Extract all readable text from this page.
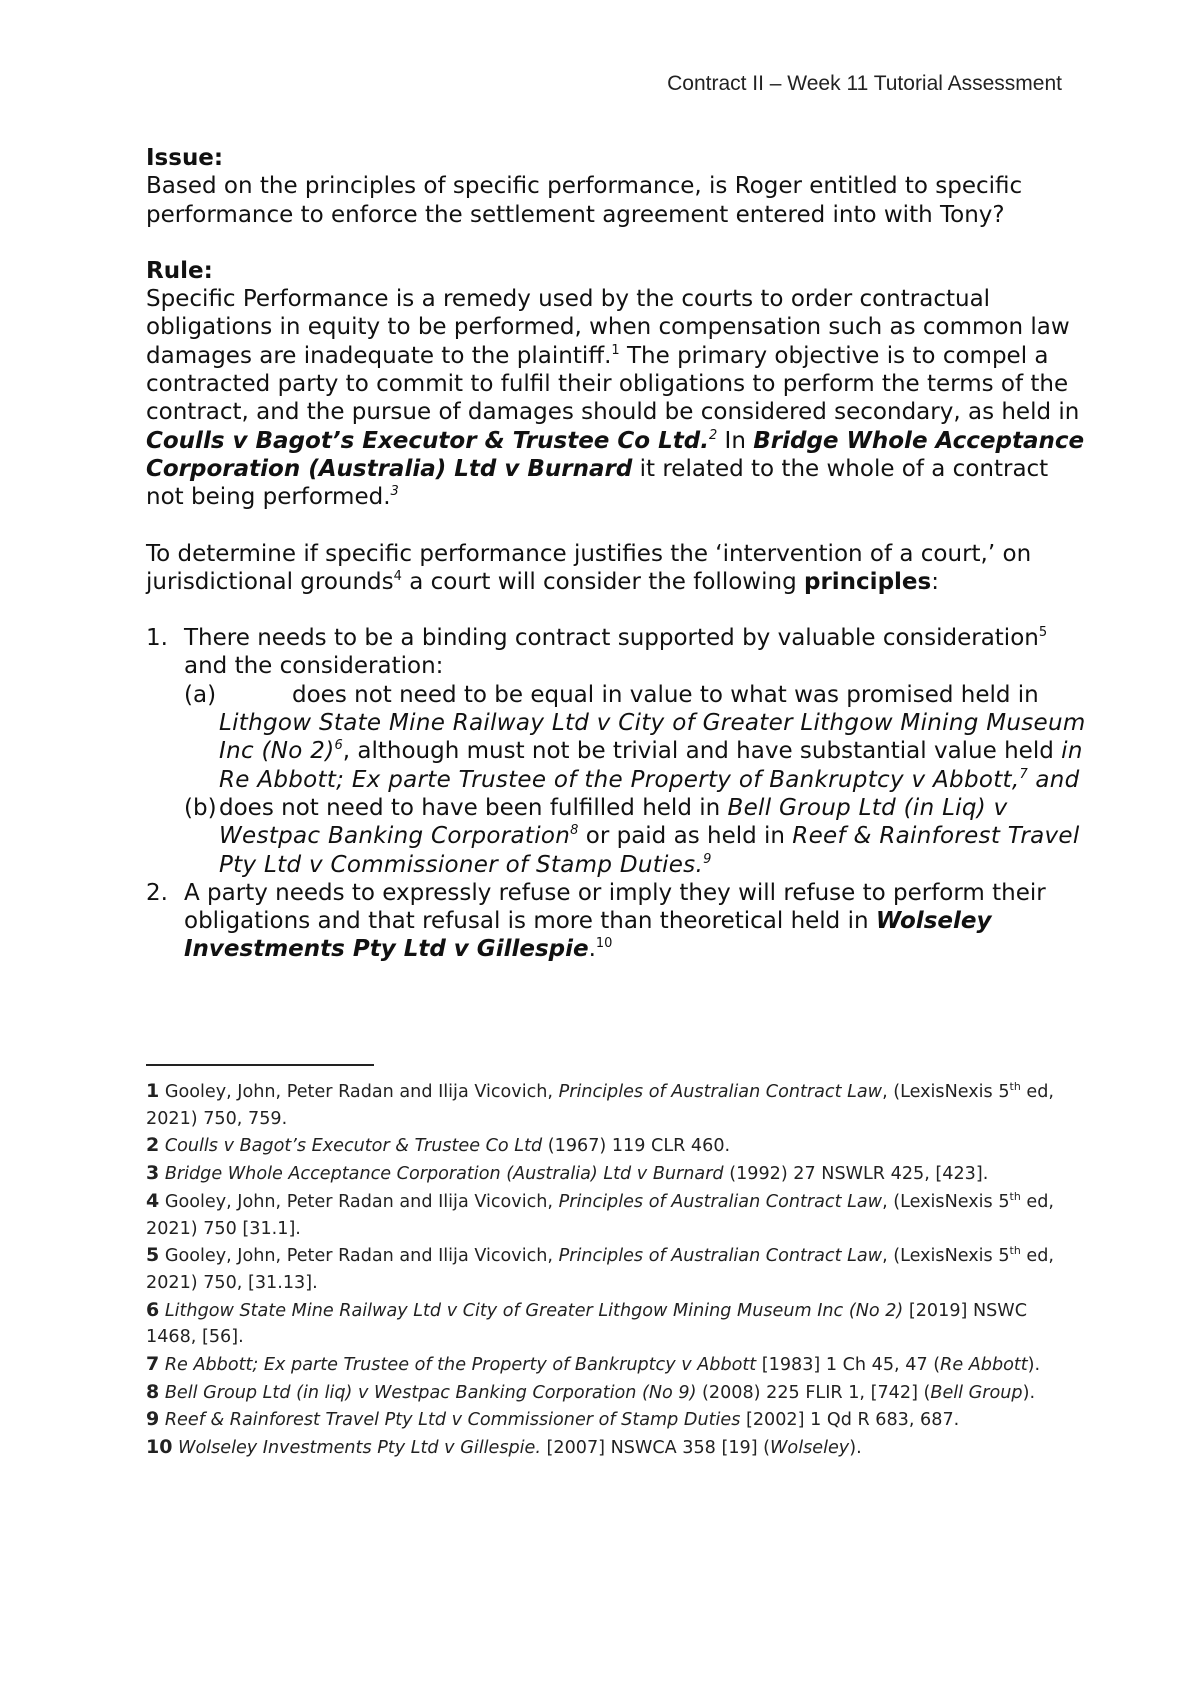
Contract II – Week 11 Tutorial Assessment

Issue:

Based on the principles of specific performance, is Roger entitled to specific performance to enforce the settlement agreement entered into with Tony?

Rule:

Specific Performance is a remedy used by the courts to order contractual obligations in equity to be performed, when compensation such as common law damages are inadequate to the plaintiff.$^1$ The primary objective is to compel a contracted party to commit to fulfil their obligations to perform the terms of the contract, and the pursue of damages should be considered secondary, as held in Coulls v Bagot’s Executor & Trustee Co Ltd.$^2$ In Bridge Whole Acceptance Corporation (Australia) Ltd v Burnard it related to the whole of a contract not being performed.$^3$

To determine if specific performance justifies the ‘intervention of a court,’ on jurisdictional grounds$^4$ a court will consider the following principles:

1. There needs to be a binding contract supported by valuable consideration$^5$ and the consideration:
(a)	does not need to be equal in value to what was promised held in Lithgow State Mine Railway Ltd v City of Greater Lithgow Mining Museum Inc (No 2)$^6$, although must not be trivial and have substantial value held in Re Abbott; Ex parte Trustee of the Property of Bankruptcy v Abbott,$^7$ and
(b) does not need to have been fulfilled held in Bell Group Ltd (in Liq) v Westpac Banking Corporation$^8$ or paid as held in Reef & Rainforest Travel Pty Ltd v Commissioner of Stamp Duties.$^9$
2. A party needs to expressly refuse or imply they will refuse to perform their obligations and that refusal is more than theoretical held in Wolseley Investments Pty Ltd v Gillespie.$^{10}$

1 Gooley, John, Peter Radan and Ilija Vicovich, Principles of Australian Contract Law, (LexisNexis 5th ed, 2021) 750, 759.

2 Coulls v Bagot’s Executor & Trustee Co Ltd (1967) 119 CLR 460.

3 Bridge Whole Acceptance Corporation (Australia) Ltd v Burnard (1992) 27 NSWLR 425, [423].

4 Gooley, John, Peter Radan and Ilija Vicovich, Principles of Australian Contract Law, (LexisNexis 5th ed, 2021) 750 [31.1].

5 Gooley, John, Peter Radan and Ilija Vicovich, Principles of Australian Contract Law, (LexisNexis 5th ed, 2021) 750, [31.13].

6 Lithgow State Mine Railway Ltd v City of Greater Lithgow Mining Museum Inc (No 2) [2019] NSWC 1468, [56].

7 Re Abbott; Ex parte Trustee of the Property of Bankruptcy v Abbott [1983] 1 Ch 45, 47 (Re Abbott).

8 Bell Group Ltd (in liq) v Westpac Banking Corporation (No 9) (2008) 225 FLIR 1, [742] (Bell Group).

9 Reef & Rainforest Travel Pty Ltd v Commissioner of Stamp Duties [2002] 1 Qd R 683, 687.

10 Wolseley Investments Pty Ltd v Gillespie. [2007] NSWCA 358 [19] (Wolseley).
